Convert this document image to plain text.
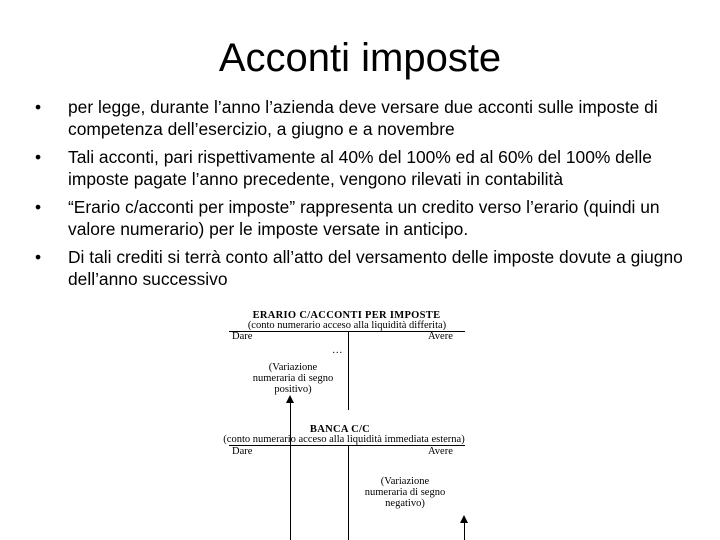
Acconti imposte
• per legge, durante l’anno l’azienda deve versare due acconti sulle imposte di competenza dell’esercizio, a giugno e a novembre
• Tali acconti, pari rispettivamente al 40% del 100% ed al 60% del 100% delle imposte pagate l’anno precedente, vengono rilevati in contabilità
• “Erario c/acconti per imposte” rappresenta un credito verso l’erario (quindi un valore numerario) per le imposte versate in anticipo.
• Di tali crediti si terrà conto all’atto del versamento delle imposte dovute a giugno dell’anno successivo
ERARIO C/ACCONTI PER IMPOSTE
(conto numerario acceso alla liquidità differita)
Dare	Avere
…
(Variazione
numeraria di segno
positivo)
BANCA C/C
(conto numerario acceso alla liquidità immediata esterna)
Dare	Avere
(Variazione
numeraria di segno
negativo)
